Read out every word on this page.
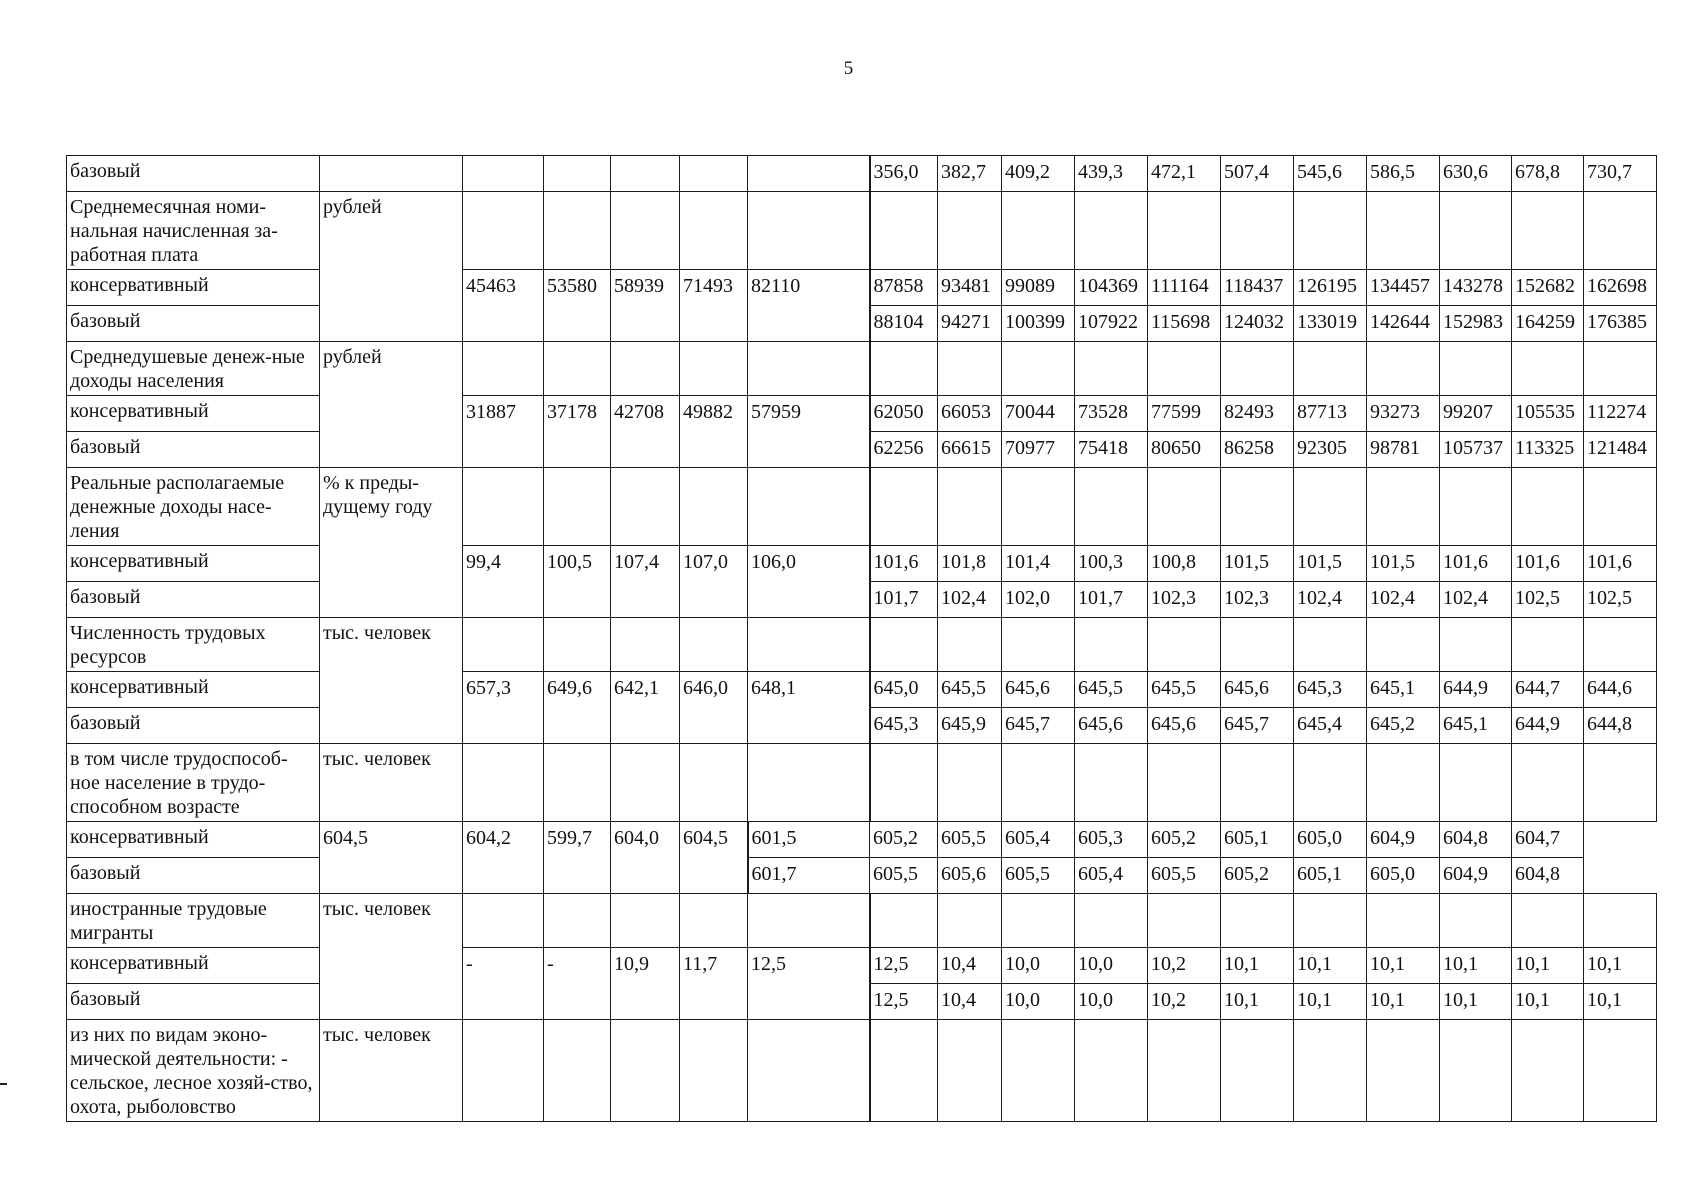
5
базовый							356,0	382,7	409,2	439,3	472,1	507,4	545,6	586,5	630,6	678,8	730,7
Среднемесячная номи-нальная начисленная за-работная плата	рублей																
консервативный		45463	53580	58939	71493	82110	87858	93481	99089	104369	111164	118437	126195	134457	143278	152682	162698
базовый							88104	94271	100399	107922	115698	124032	133019	142644	152983	164259	176385
Среднедушевые денеж-ные доходы населения	рублей																
консервативный		31887	37178	42708	49882	57959	62050	66053	70044	73528	77599	82493	87713	93273	99207	105535	112274
базовый							62256	66615	70977	75418	80650	86258	92305	98781	105737	113325	121484
Реальные располагаемые денежные доходы насе-ления	% к преды-дущему году																
консервативный		99,4	100,5	107,4	107,0	106,0	101,6	101,8	101,4	100,3	100,8	101,5	101,5	101,5	101,6	101,6	101,6
базовый							101,7	102,4	102,0	101,7	102,3	102,3	102,4	102,4	102,4	102,5	102,5
Численность трудовых ресурсов	тыс. человек																
консервативный		657,3	649,6	642,1	646,0	648,1	645,0	645,5	645,6	645,5	645,5	645,6	645,3	645,1	644,9	644,7	644,6
базовый							645,3	645,9	645,7	645,6	645,6	645,7	645,4	645,2	645,1	644,9	644,8
в том числе трудоспособ-ное население в трудо-способном возрасте	тыс. человек																
консервативный	604,5	604,2	599,7	604,0	604,5	601,5	605,2	605,5	605,4	605,3	605,2	605,1	605,0	604,9	604,8	604,7	
базовый						601,7	605,5	605,6	605,5	605,4	605,5	605,2	605,1	605,0	604,9	604,8	
иностранные трудовые мигранты	тыс. человек																
консервативный		-	-	10,9	11,7	12,5	12,5	10,4	10,0	10,0	10,2	10,1	10,1	10,1	10,1	10,1	10,1
базовый							12,5	10,4	10,0	10,0	10,2	10,1	10,1	10,1	10,1	10,1	10,1
из них по видам эконо-мической деятельности: - сельское, лесное хозяй-ство, охота, рыболовство	тыс. человек																
